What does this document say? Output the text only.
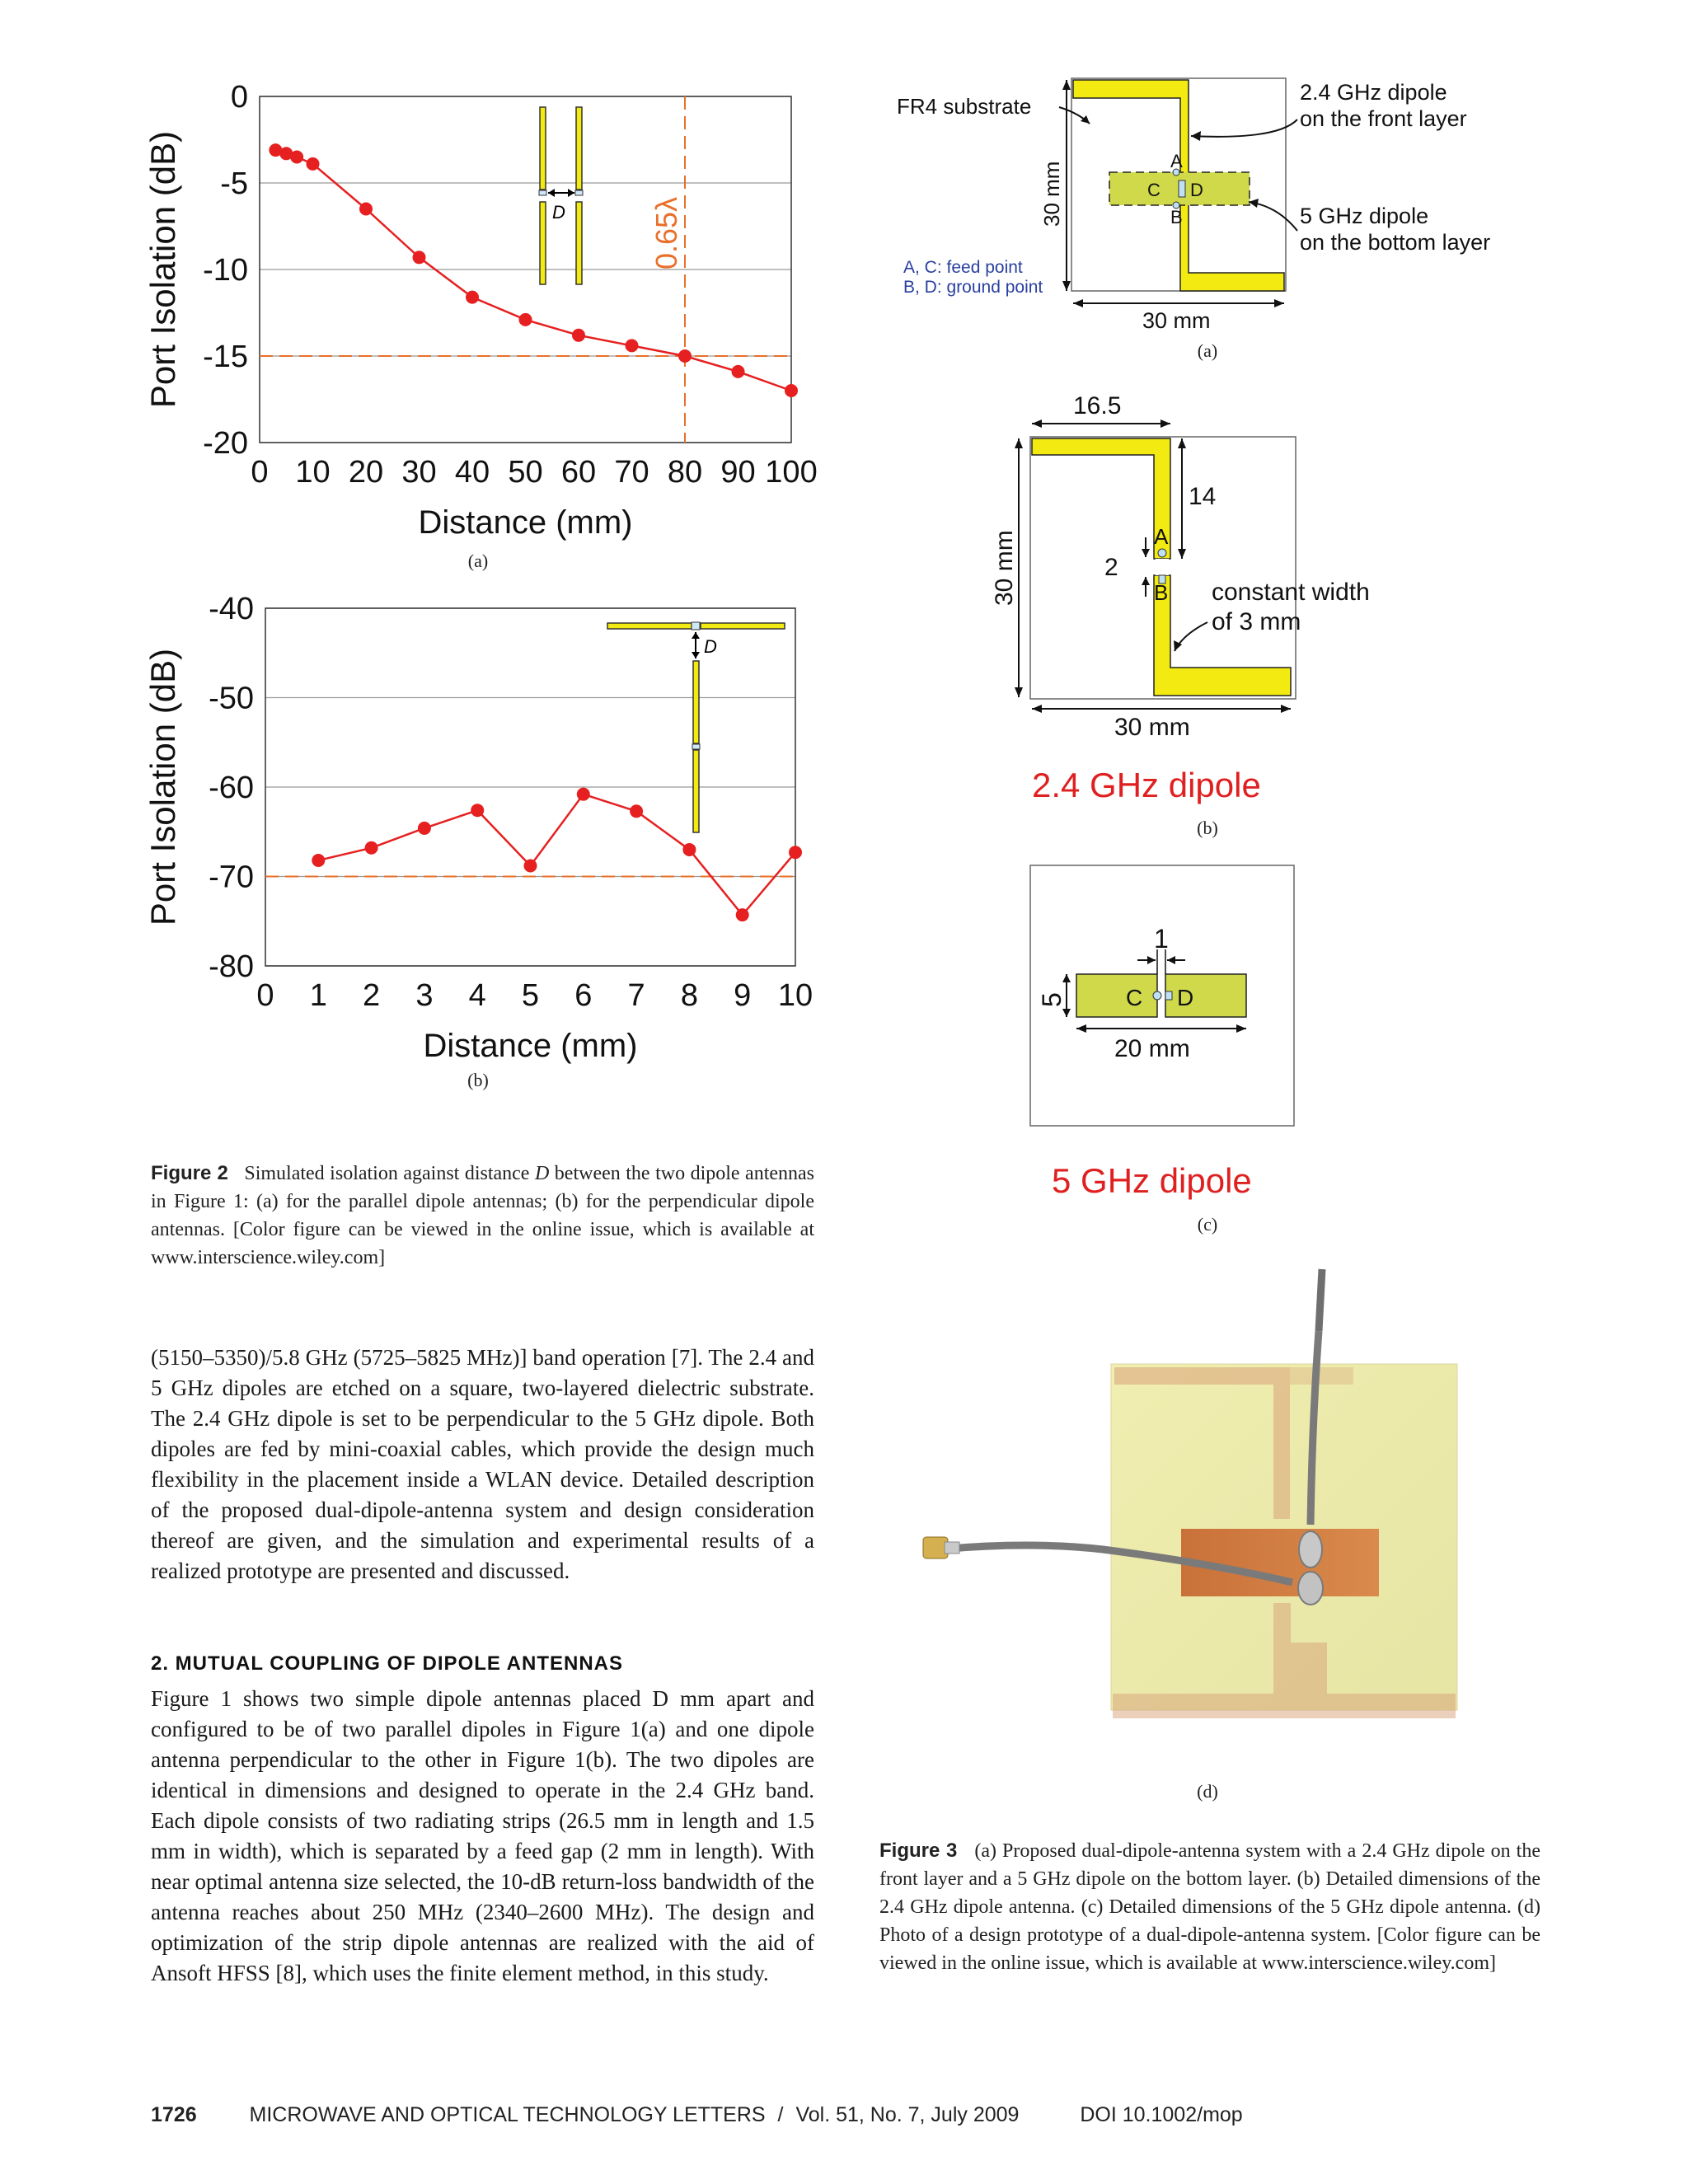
0.65λ
0
-5
-10
-15
-20
0 10 20 30 40 50 60 70 80 90 100
Distance (mm)
Port Isolation (dB)	D
(a)
-40
-50
-60
-70
-80
0 1 2 3 4 5 6 7 8 9 10
Distance (mm)
Port Isolation (dB)
D
(b)
Figure 2 Simulated isolation against distance D between the two dipole antennas in Figure 1: (a) for the parallel dipole antennas; (b) for the perpendicular dipole antennas. [Color figure can be viewed in the online issue, which is available at www.interscience.wiley.com]

(5150–5350)/5.8 GHz (5725–5825 MHz)] band operation [7]. The 2.4 and 5 GHz dipoles are etched on a square, two-layered dielectric substrate. The 2.4 GHz dipole is set to be perpendicular to the 5 GHz dipole. Both dipoles are fed by mini-coaxial cables, which provide the design much flexibility in the placement inside a WLAN device. Detailed description of the proposed dual-dipole-antenna system and design consideration thereof are given, and the simulation and experimental results of a realized prototype are presented and discussed.

2. MUTUAL COUPLING OF DIPOLE ANTENNAS

Figure 1 shows two simple dipole antennas placed D mm apart and configured to be of two parallel dipoles in Figure 1(a) and one dipole antenna perpendicular to the other in Figure 1(b). The two dipoles are identical in dimensions and designed to operate in the 2.4 GHz band. Each dipole consists of two radiating strips (26.5 mm in length and 1.5 mm in width), which is separated by a feed gap (2 mm in length). With near optimal antenna size selected, the 10-dB return-loss bandwidth of the antenna reaches about 250 MHz (2340–2600 MHz). The design and optimization of the strip dipole antennas are realized with the aid of Ansoft HFSS [8], which uses the finite element method, in this study.

A
B
C D
FR4 substrate
2.4 GHz dipole
on the front layer
5 GHz dipole
on the bottom layer
A, C: feed point
B, D: ground point
30 mm
30 mm
(a)
A
B
16.5
14
2
constant width
of 3 mm
30 mm
30 mm
2.4 GHz dipole
(b)
C D
1
5
20 mm
5 GHz dipole
(c)
(d)
Figure 3 (a) Proposed dual-dipole-antenna system with a 2.4 GHz dipole on the front layer and a 5 GHz dipole on the bottom layer. (b) Detailed dimensions of the 2.4 GHz dipole antenna. (c) Detailed dimensions of the 5 GHz dipole antenna. (d) Photo of a design prototype of a dual-dipole-antenna system. [Color figure can be viewed in the online issue, which is available at www.interscience.wiley.com]
1726	MICROWAVE AND OPTICAL TECHNOLOGY LETTERS / Vol. 51, No. 7, July 2009	DOI 10.1002/mop
